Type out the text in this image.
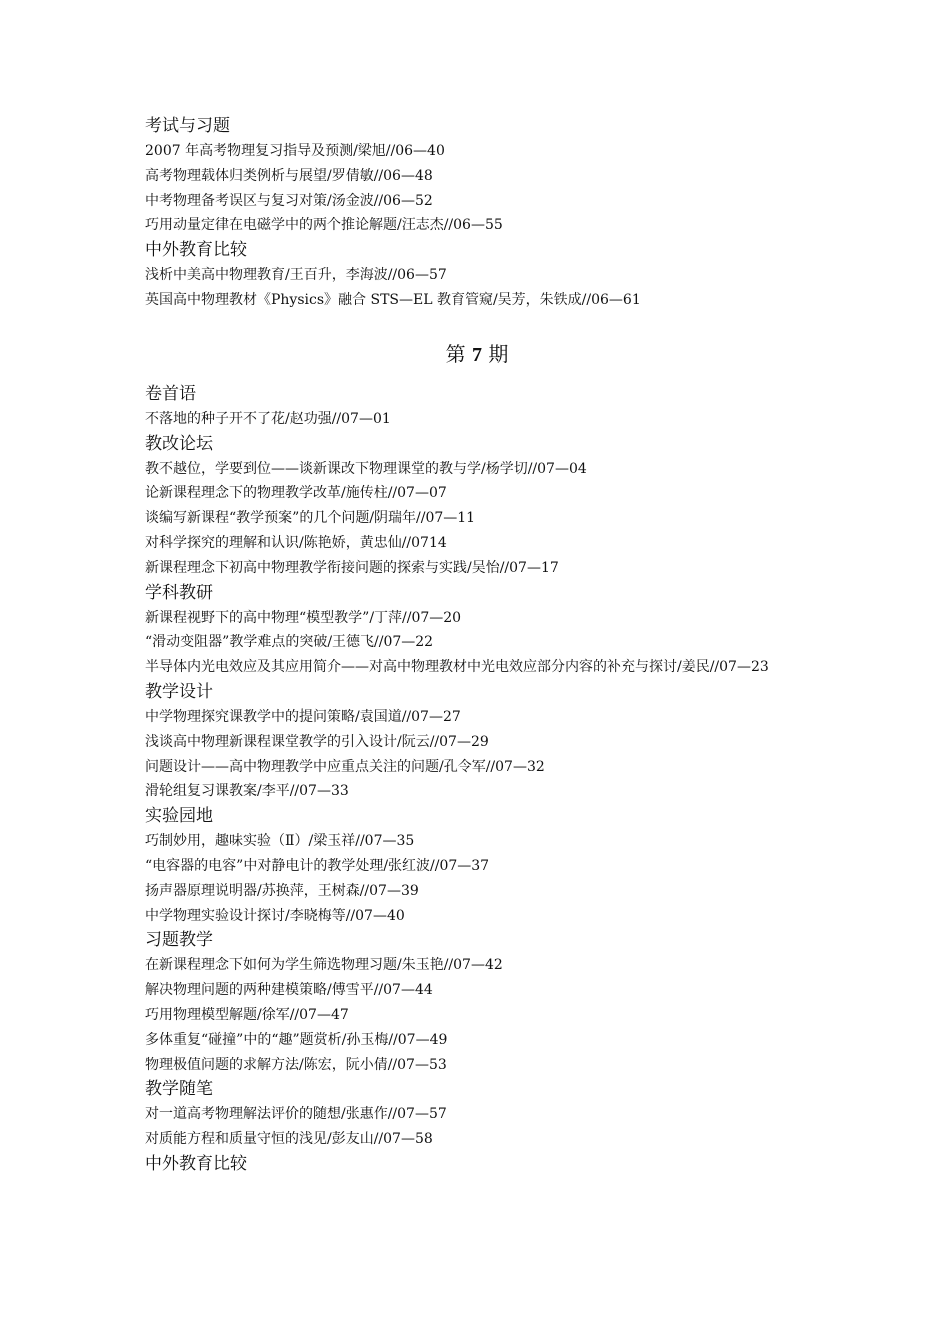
考试与习题
2007 年高考物理复习指导及预测/梁旭//06—40
高考物理载体归类例析与展望/罗倩敏//06—48
中考物理备考误区与复习对策/汤金波//06—52
巧用动量定律在电磁学中的两个推论解题/汪志杰//06—55
中外教育比较
浅析中美高中物理教育/王百升，李海波//06—57
英国高中物理教材《Physics》融合 STS—EL 教育管窥/吴芳，朱铁成//06—61
第 7 期
卷首语
不落地的种子开不了花/赵功强//07—01
教改论坛
教不越位，学要到位——谈新课改下物理课堂的教与学/杨学切//07—04
论新课程理念下的物理教学改革/施传柱//07—07
谈编写新课程“教学预案”的几个问题/阴瑞年//07—11
对科学探究的理解和认识/陈艳娇，黄忠仙//0714
新课程理念下初高中物理教学衔接问题的探索与实践/吴怡//07—17
学科教研
新课程视野下的高中物理“模型教学”/丁萍//07—20
“滑动变阻器”教学难点的突破/王德飞//07—22
半导体内光电效应及其应用简介——对高中物理教材中光电效应部分内容的补充与探讨/姜民//07—23
教学设计
中学物理探究课教学中的提问策略/袁国道//07—27
浅谈高中物理新课程课堂教学的引入设计/阮云//07—29
问题设计——高中物理教学中应重点关注的问题/孔令军//07—32
滑轮组复习课教案/李平//07—33
实验园地
巧制妙用，趣味实验（Ⅱ）/梁玉祥//07—35
“电容器的电容”中对静电计的教学处理/张红波//07—37
扬声器原理说明器/苏换萍，王树森//07—39
中学物理实验设计探讨/李晓梅等//07—40
习题教学
在新课程理念下如何为学生筛选物理习题/朱玉艳//07—42
解决物理问题的两种建模策略/傅雪平//07—44
巧用物理模型解题/徐军//07—47
多体重复“碰撞”中的“趣”题赏析/孙玉梅//07—49
物理极值问题的求解方法/陈宏，阮小倩//07—53
教学随笔
对一道高考物理解法评价的随想/张惠作//07—57
对质能方程和质量守恒的浅见/彭友山//07—58
中外教育比较
